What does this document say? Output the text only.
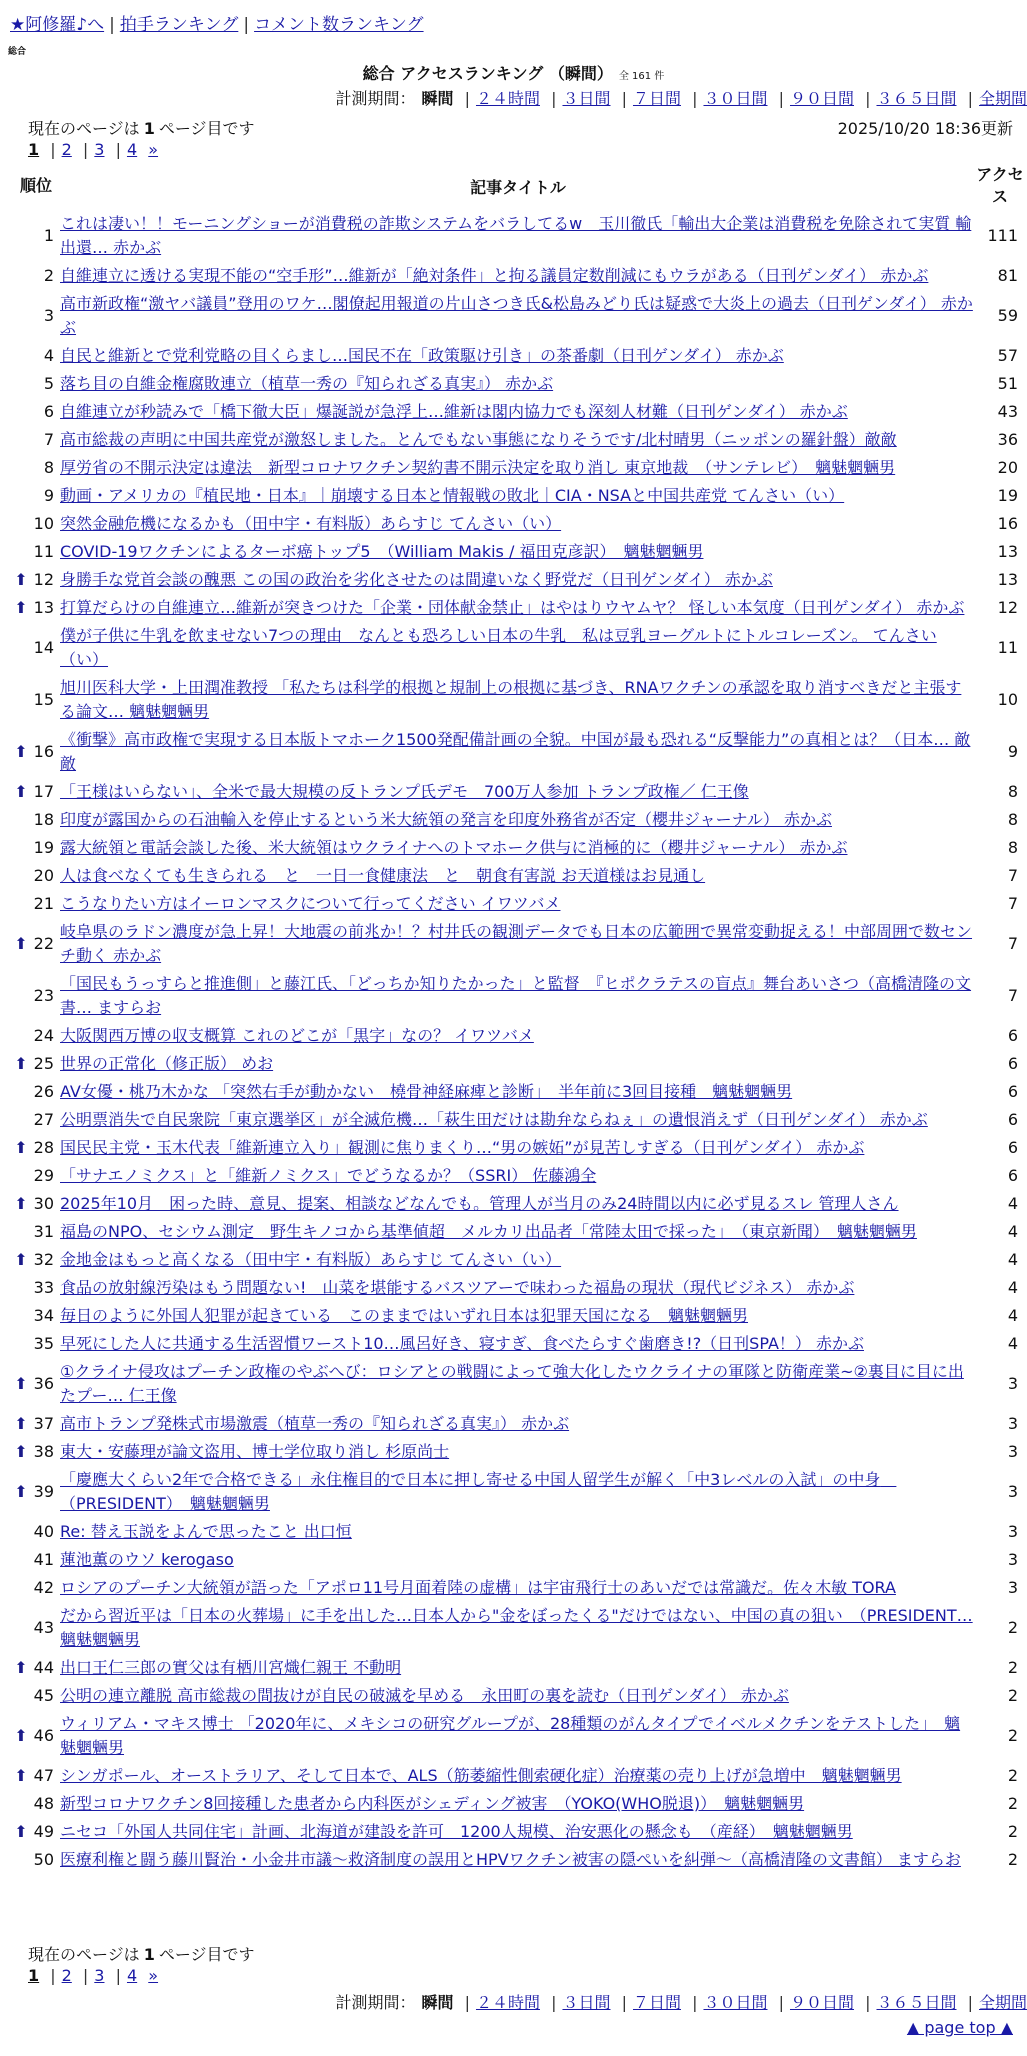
★阿修羅♪へ | 拍手ランキング | コメント数ランキング
総合
総合 アクセスランキング （瞬間） 全 161 件
計測期間： 瞬間 | ２４時間 | ３日間 | ７日間 | ３０日間 | ９０日間 | ３６５日間 | 全期間
現在のページは 1 ページ目です	2025/10/20 18:36更新
1 | 2 | 3 | 4 »
順位		記事タイトル	アクセス
	1	これは凄い！！モーニングショーが消費税の詐欺システムをバラしてるw　玉川徹氏「輸出大企業は消費税を免除されて実質 輸出還… 赤かぶ	111
	2	自維連立に透ける実現不能の“空手形”…維新が「絶対条件」と拘る議員定数削減にもウラがある（日刊ゲンダイ） 赤かぶ	81
	3	高市新政権“激ヤバ議員”登用のワケ…閣僚起用報道の片山さつき氏&松島みどり氏は疑惑で大炎上の過去（日刊ゲンダイ） 赤かぶ	59
	4	自民と維新とで党利党略の目くらまし…国民不在「政策駆け引き」の茶番劇（日刊ゲンダイ） 赤かぶ	57
	5	落ち目の自維金権腐敗連立（植草一秀の『知られざる真実』） 赤かぶ	51
	6	自維連立が秒読みで「橋下徹大臣」爆誕説が急浮上…維新は閣内協力でも深刻人材難（日刊ゲンダイ） 赤かぶ	43
	7	高市総裁の声明に中国共産党が激怒しました。とんでもない事態になりそうです/北村晴男（ニッポンの羅針盤）敵敵	36
	8	厚労省の不開示決定は違法　新型コロナワクチン契約書不開示決定を取り消し 東京地裁　（サンテレビ）　魑魅魍魎男	20
	9	動画・アメリカの『植民地・日本』｜崩壊する日本と情報戦の敗北｜CIA・NSAと中国共産党 てんさい（い）	19
	10	突然金融危機になるかも（田中宇・有料版）あらすじ てんさい（い）	16
	11	COVID-19ワクチンによるターボ癌トップ5　（William Makis / 福田克彦訳）　魑魅魍魎男	13
⬆	12	身勝手な党首会談の醜悪 この国の政治を劣化させたのは間違いなく野党だ（日刊ゲンダイ） 赤かぶ	13
⬆	13	打算だらけの自維連立…維新が突きつけた「企業・団体献金禁止」はやはりウヤムヤ？ 怪しい本気度（日刊ゲンダイ） 赤かぶ	12
	14	僕が子供に牛乳を飲ませない7つの理由　なんとも恐ろしい日本の牛乳　私は豆乳ヨーグルトにトルコレーズン。 てんさい（い）	11
	15	旭川医科大学・上田潤准教授 「私たちは科学的根拠と規制上の根拠に基づき、RNAワクチンの承認を取り消すべきだと主張する論文… 魑魅魍魎男	10
⬆	16	《衝撃》高市政権で実現する日本版トマホーク1500発配備計画の全貌。中国が最も恐れる“反撃能力”の真相とは？（日本… 敵敵	9
⬆	17	「王様はいらない」、全米で最大規模の反トランプ氏デモ　700万人参加 トランプ政権／ 仁王像	8
	18	印度が露国からの石油輸入を停止するという米大統領の発言を印度外務省が否定（櫻井ジャーナル） 赤かぶ	8
	19	露大統領と電話会談した後、米大統領はウクライナへのトマホーク供与に消極的に（櫻井ジャーナル） 赤かぶ	8
	20	人は食べなくても生きられる　と　一日一食健康法　と　朝食有害説 お天道様はお見通し	7
	21	こうなりたい方はイーロンマスクについて行ってください イワツバメ	7
⬆	22	岐阜県のラドン濃度が急上昇！大地震の前兆か！？村井氏の観測データでも日本の広範囲で異常変動捉える！中部周囲で数セン チ動く 赤かぶ	7
	23	「国民もうっすらと推進側」と藤江氏、「どっちか知りたかった」と監督　『ヒポクラテスの盲点』舞台あいさつ（高橋清隆の文書… ますらお	7
	24	大阪関西万博の収支概算 これのどこが「黒字」なの？ イワツバメ	6
⬆	25	世界の正常化（修正版） めお	6
	26	AV女優・桃乃木かな 「突然右手が動かない　橈骨神経麻痺と診断」　半年前に3回目接種　魑魅魍魎男	6
	27	公明票消失で自民衆院「東京選挙区」が全滅危機…「萩生田だけは勘弁ならねぇ」の遺恨消えず（日刊ゲンダイ） 赤かぶ	6
⬆	28	国民民主党・玉木代表「維新連立入り」観測に焦りまくり…“男の嫉妬”が見苦しすぎる（日刊ゲンダイ） 赤かぶ	6
	29	「サナエノミクス」と「維新ノミクス」でどうなるか？（SSRI） 佐藤鴻全	6
⬆	30	2025年10月　困った時、意見、提案、相談などなんでも。管理人が当月のみ24時間以内に必ず見るスレ 管理人さん	4
	31	福島のNPO、セシウム測定　野生キノコから基準値超　メルカリ出品者「常陸太田で採った」　（東京新聞）　魑魅魍魎男	4
⬆	32	金地金はもっと高くなる（田中宇・有料版）あらすじ てんさい（い）	4
	33	食品の放射線汚染はもう問題ない!　山菜を堪能するバスツアーで味わった福島の現状（現代ビジネス） 赤かぶ	4
	34	毎日のように外国人犯罪が起きている　このままではいずれ日本は犯罪天国になる　魑魅魍魎男	4
	35	早死にした人に共通する生活習慣ワースト10…風呂好き、寝すぎ、食べたらすぐ歯磨き!?（日刊SPA！） 赤かぶ	4
⬆	36	①クライナ侵攻はプーチン政権のやぶへび：ロシアとの戦闘によって強大化したウクライナの軍隊と防衛産業~②裏目に目に出たプー… 仁王像	3
⬆	37	高市トランプ発株式市場激震（植草一秀の『知られざる真実』） 赤かぶ	3
⬆	38	東大・安藤理が論文盗用、博士学位取り消し 杉原尚士	3
⬆	39	「慶應大くらい2年で合格できる」永住権目的で日本に押し寄せる中国人留学生が解く「中3レベルの入試」の中身　（PRESIDENT）　魑魅魍魎男	3
	40	Re: 替え玉説をよんで思ったこと 出口恒	3
	41	蓮池薫のウソ kerogaso	3
	42	ロシアのプーチン大統領が語った「アポロ11号月面着陸の虚構」は宇宙飛行士のあいだでは常識だ。佐々木敏 TORA	3
	43	だから習近平は「日本の火葬場」に手を出した…日本人から"金をぼったくる"だけではない、中国の真の狙い　（PRESIDENT… 魑魅魍魎男	2
⬆	44	出口王仁三郎の實父は有栖川宮熾仁親王 不動明	2
	45	公明の連立離脱 高市総裁の間抜けが自民の破滅を早める　永田町の裏を読む（日刊ゲンダイ） 赤かぶ	2
⬆	46	ウィリアム・マキス博士 「2020年に、メキシコの研究グループが、28種類のがんタイプでイベルメクチンをテストした」　魑魅魍魎男	2
⬆	47	シンガポール、オーストラリア、そして日本で、ALS（筋萎縮性側索硬化症）治療薬の売り上げが急増中　魑魅魍魎男	2
	48	新型コロナワクチン8回接種した患者から内科医がシェディング被害　（YOKO(WHO脱退)）　魑魅魍魎男	2
⬆	49	ニセコ「外国人共同住宅」計画、北海道が建設を許可　1200人規模、治安悪化の懸念も　（産経）　魑魅魍魎男	2
	50	医療利権と闘う藤川賢治・小金井市議～救済制度の誤用とHPVワクチン被害の隠ぺいを糾弾～（高橋清隆の文書館） ますらお	2
現在のページは 1 ページ目です
1 | 2 | 3 | 4 »
計測期間： 瞬間 | ２４時間 | ３日間 | ７日間 | ３０日間 | ９０日間 | ３６５日間 | 全期間
▲ page top ▲
